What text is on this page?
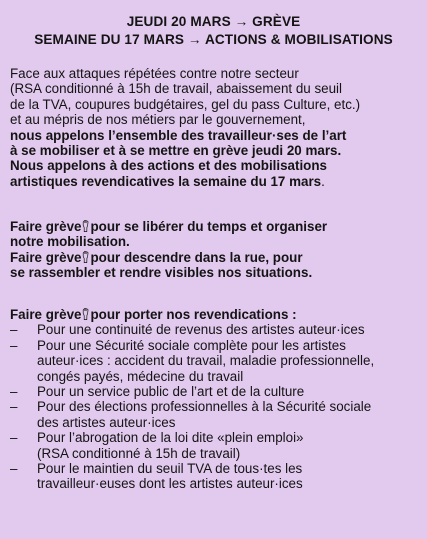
JEUDI 20 MARS → GRÈVE
SEMAINE DU 17 MARS → ACTIONS & MOBILISATIONS
Face aux attaques répétées contre notre secteur
(RSA conditionné à 15h de travail, abaissement du seuil
de la TVA, coupures budgétaires, gel du pass Culture, etc.)
et au mépris de nos métiers par le gouvernement,
nous appelons l’ensemble des travailleur·ses de l’art
à se mobiliser et à se mettre en grève jeudi 20 mars.
Nous appelons à des actions et des mobilisations
artistiques revendicatives la semaine du 17 mars.
Faire grève pour se libérer du temps et organiser
notre mobilisation.
Faire grève pour descendre dans la rue, pour
se rassembler et rendre visibles nos situations.
Faire grève pour porter nos revendications :
– Pour une continuité de revenus des artistes auteur·ices
– Pour une Sécurité sociale complète pour les artistes
auteur·ices : accident du travail, maladie professionnelle,
congés payés, médecine du travail
– Pour un service public de l’art et de la culture
– Pour des élections professionnelles à la Sécurité sociale
des artistes auteur·ices
– Pour l’abrogation de la loi dite «plein emploi»
(RSA conditionné à 15h de travail)
– Pour le maintien du seuil TVA de tous·tes les
travailleur·euses dont les artistes auteur·ices
